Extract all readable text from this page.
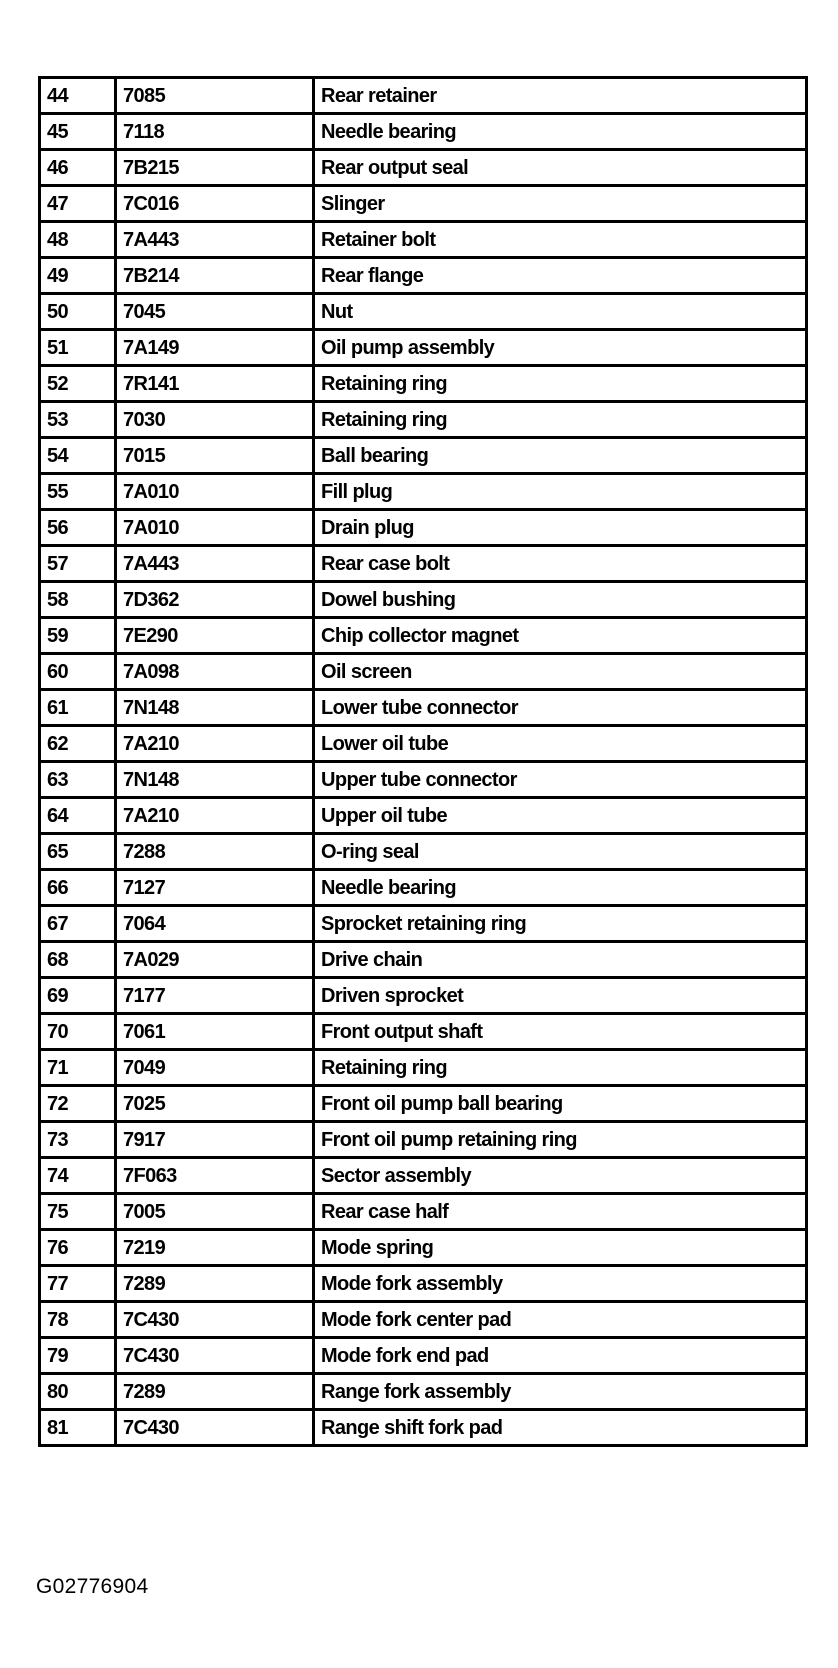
44	7085	Rear retainer
45	7118	Needle bearing
46	7B215	Rear output seal
47	7C016	Slinger
48	7A443	Retainer bolt
49	7B214	Rear flange
50	7045	Nut
51	7A149	Oil pump assembly
52	7R141	Retaining ring
53	7030	Retaining ring
54	7015	Ball bearing
55	7A010	Fill plug
56	7A010	Drain plug
57	7A443	Rear case bolt
58	7D362	Dowel bushing
59	7E290	Chip collector magnet
60	7A098	Oil screen
61	7N148	Lower tube connector
62	7A210	Lower oil tube
63	7N148	Upper tube connector
64	7A210	Upper oil tube
65	7288	O-ring seal
66	7127	Needle bearing
67	7064	Sprocket retaining ring
68	7A029	Drive chain
69	7177	Driven sprocket
70	7061	Front output shaft
71	7049	Retaining ring
72	7025	Front oil pump ball bearing
73	7917	Front oil pump retaining ring
74	7F063	Sector assembly
75	7005	Rear case half
76	7219	Mode spring
77	7289	Mode fork assembly
78	7C430	Mode fork center pad
79	7C430	Mode fork end pad
80	7289	Range fork assembly
81	7C430	Range shift fork pad
G02776904
